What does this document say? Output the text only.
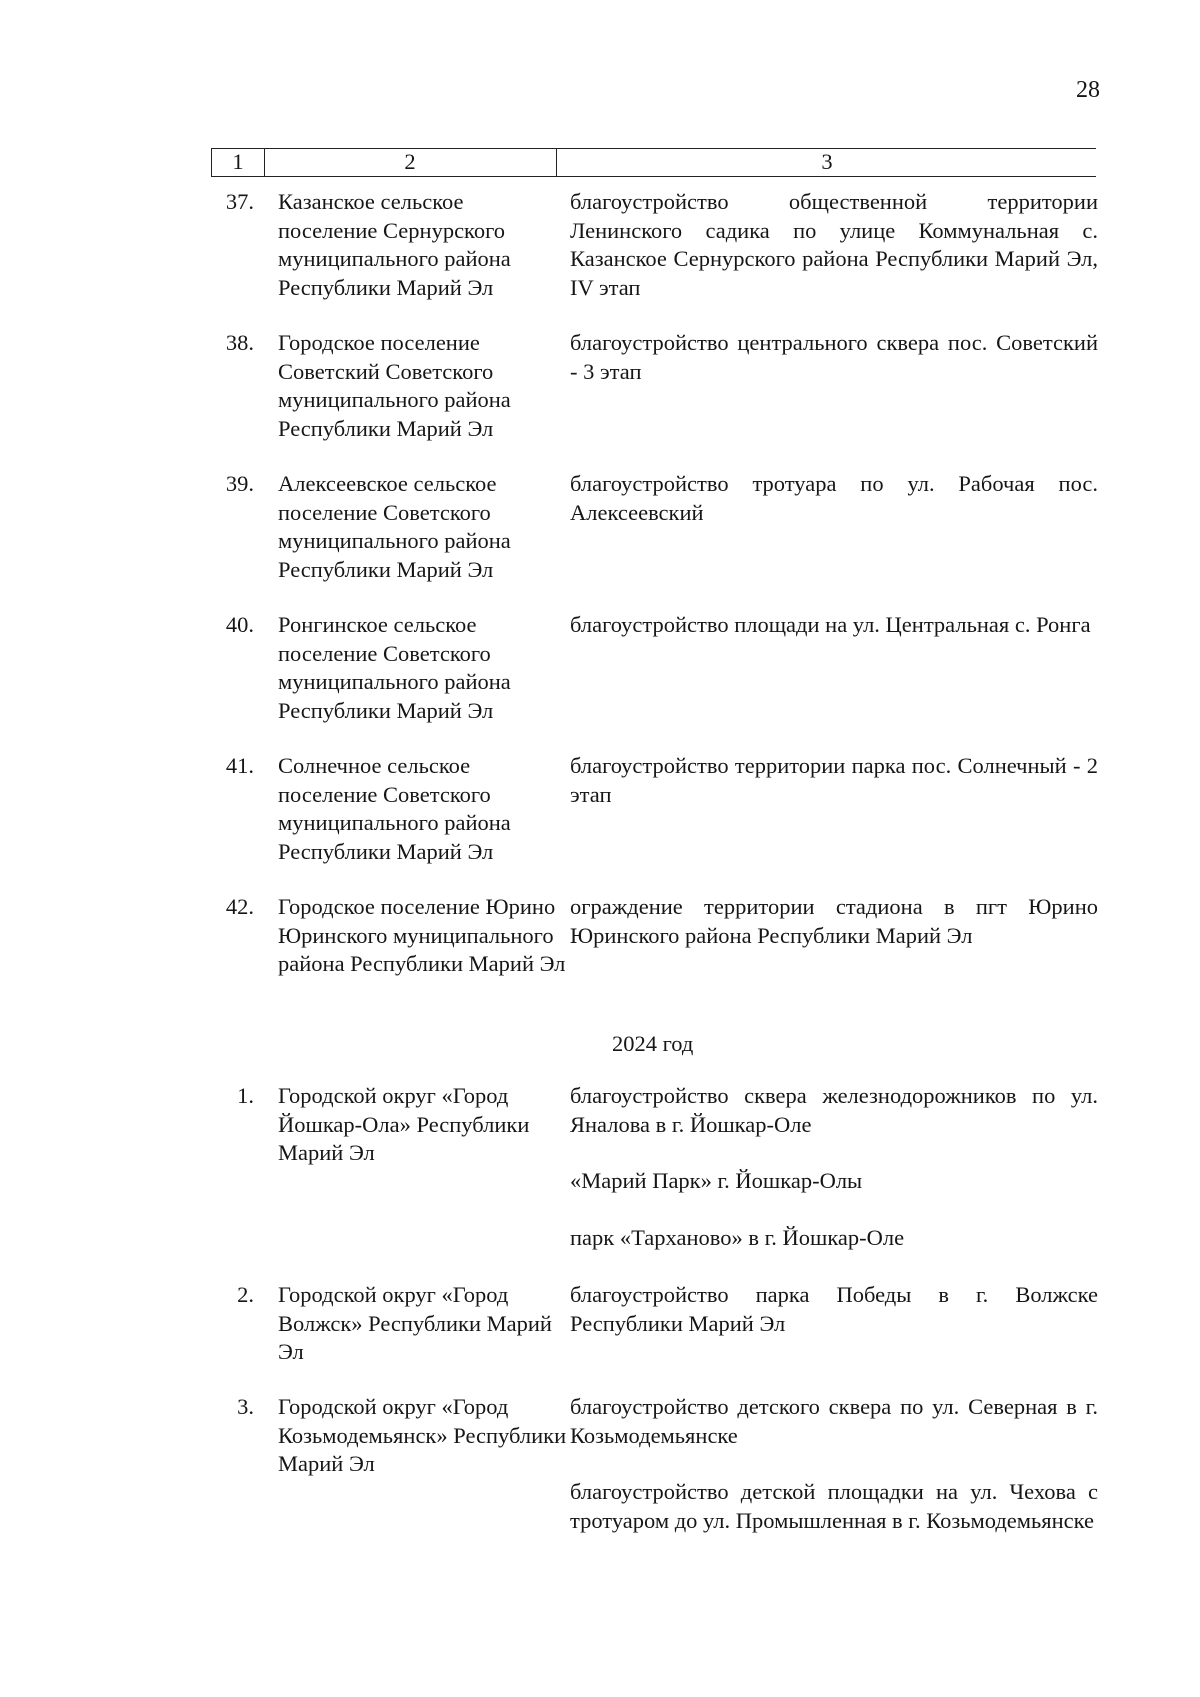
28
1	2	3
37. Казанское сельское поселение Сернурского муниципального района Республики Марий Эл
благоустройство общественной территории Ленинского садика по улице Коммунальная с. Казанское Сернурского района Республики Марий Эл, IV этап
38. Городское поселение Советский Советского муниципального района Республики Марий Эл
благоустройство центрального сквера пос. Советский - 3 этап
39. Алексеевское сельское поселение Советского муниципального района Республики Марий Эл
благоустройство тротуара по ул. Рабочая пос. Алексеевский
40. Ронгинское сельское поселение Советского муниципального района Республики Марий Эл
благоустройство площади на ул. Центральная с. Ронга
41. Солнечное сельское поселение Советского муниципального района Республики Марий Эл
благоустройство территории парка пос. Солнечный - 2 этап
42. Городское поселение Юрино Юринского муниципального района Республики Марий Эл
ограждение территории стадиона в пгт Юрино Юринского района Республики Марий Эл
2024 год
1. Городской округ «Город Йошкар-Ола» Республики Марий Эл
благоустройство сквера железнодорожников по ул. Яналова в г. Йошкар-Оле
«Марий Парк» г. Йошкар-Олы
парк «Тарханово» в г. Йошкар-Оле
2. Городской округ «Город Волжск» Республики Марий Эл
благоустройство парка Победы в г. Волжске Республики Марий Эл
3. Городской округ «Город Козьмодемьянск» Республики Марий Эл
благоустройство детского сквера по ул. Северная в г. Козьмодемьянске
благоустройство детской площадки на ул. Чехова с тротуаром до ул. Промышленная в г. Козьмодемьянске
